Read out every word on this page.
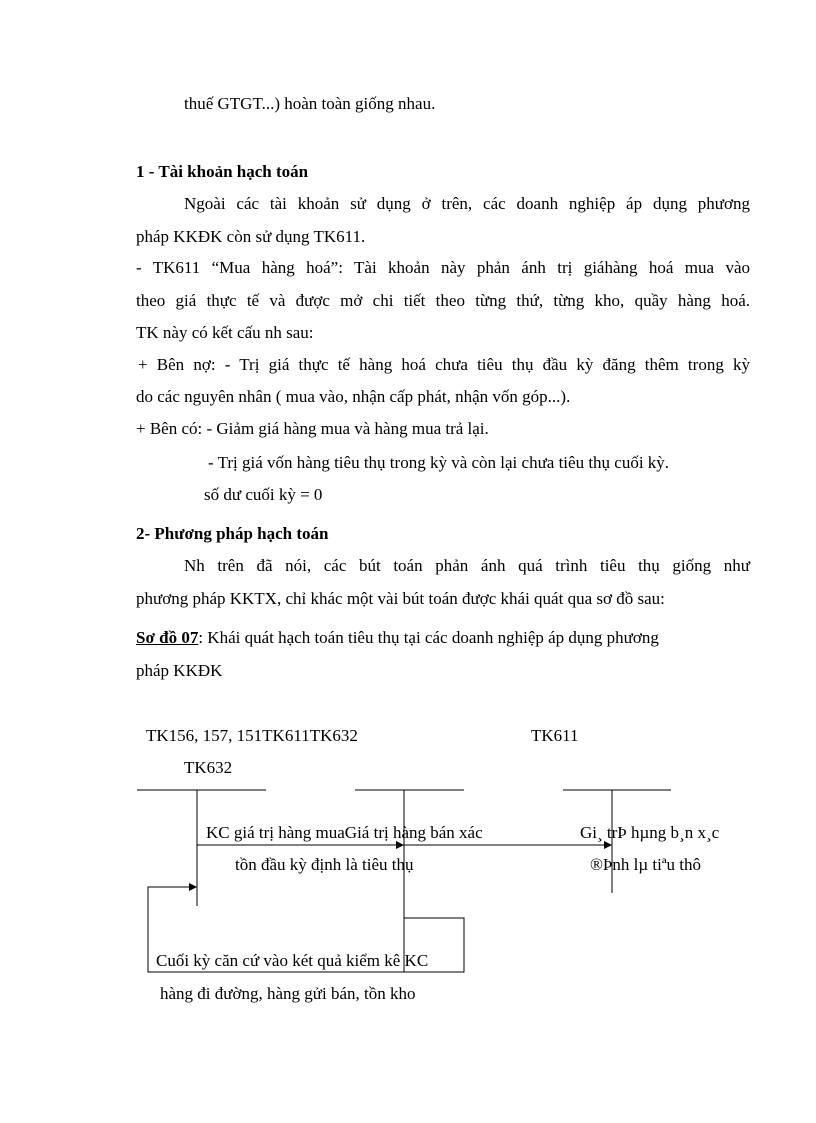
thuế GTGT...) hoàn toàn giống nhau.
1 - Tài khoản hạch toán
Ngoài các tài khoản sử dụng ở trên, các doanh nghiệp áp dụng phương
pháp KKĐK còn sử dụng TK611.
- TK611 “Mua hàng hoá”: Tài khoản này phản ánh trị giáhàng hoá mua vào
theo giá thực tế và được mở chi tiết theo từng thứ, từng kho, quầy hàng hoá.
TK này có kết cấu nh sau:
+ Bên nợ: - Trị giá thực tế hàng hoá chưa tiêu thụ đầu kỳ đăng thêm trong kỳ
do các nguyên nhân ( mua vào, nhận cấp phát, nhận vốn góp...).
+ Bên có: - Giảm giá hàng mua và hàng mua trả lại.
- Trị giá vốn hàng tiêu thụ trong kỳ và còn lại chưa tiêu thụ cuối kỳ.
số dư cuối kỳ = 0
2- Phương pháp hạch toán
Nh trên đã nói, các bút toán phản ánh quá trình tiêu thụ giống như
phương pháp KKTX, chỉ khác một vài bút toán được khái quát qua sơ đồ sau:
Sơ đồ 07: Khái quát hạch toán tiêu thụ tại các doanh nghiệp áp dụng phương
pháp KKĐK
TK156, 157, 151TK611TK632	TK611
TK632
KC giá trị hàng muaGiá trị hàng bán xác
tồn đầu kỳ định là tiêu thụ
Gi¸ trÞ hµng b¸n x¸c
®Þnh lµ tiªu thô
Cuối kỳ căn cứ vào két quả kiểm kê KC
hàng đi đường, hàng gửi bán, tồn kho
